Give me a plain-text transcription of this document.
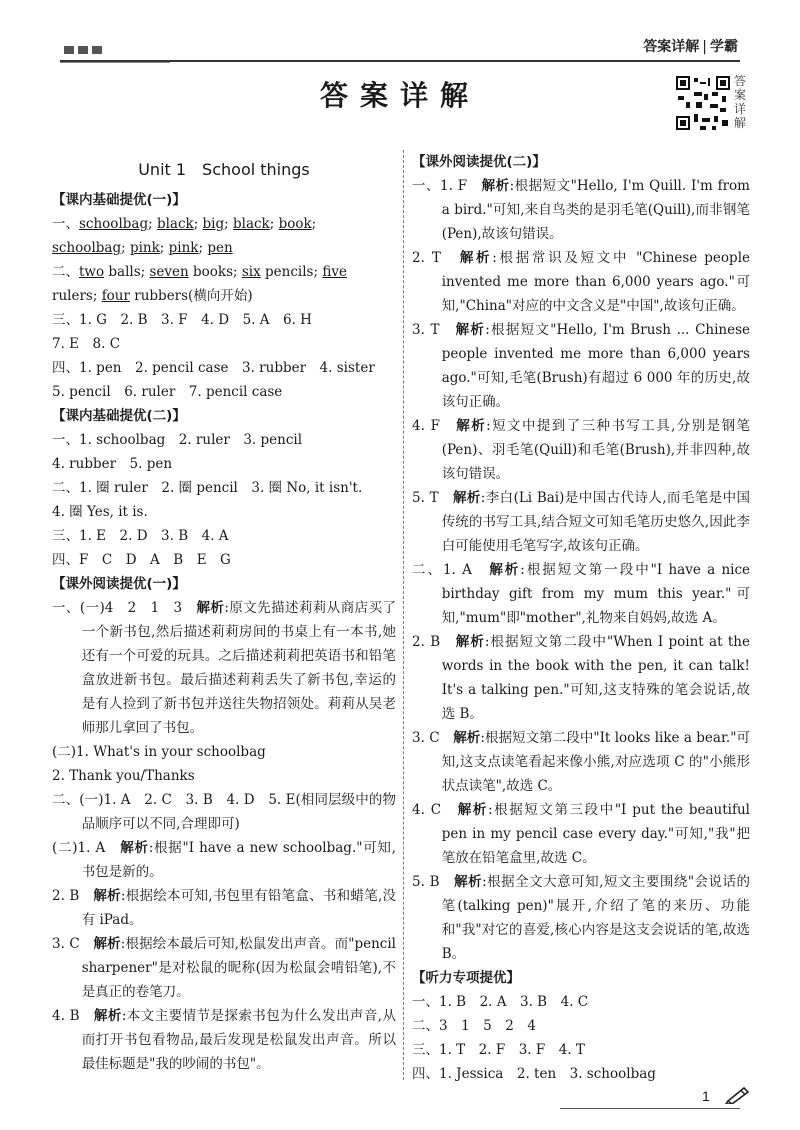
答案详解 | 学霸
答案详解	答案详解
Unit 1　School things
【课内基础提优(一)】
一、schoolbag; black; big; black; book;
schoolbag; pink; pink; pen
二、two balls; seven books; six pencils; five
rulers; four rubbers(横向开始)
三、1. G　2. B　3. F　4. D　5. A　6. H
7. E　8. C
四、1. pen　2. pencil case　3. rubber　4. sister
5. pencil　6. ruler　7. pencil case
【课内基础提优(二)】
一、1. schoolbag　2. ruler　3. pencil
4. rubber　5. pen
二、1. 圈 ruler　2. 圈 pencil　3. 圈 No, it isn't.
4. 圈 Yes, it is.
三、1. E　2. D　3. B　4. A
四、F　C　D　A　B　E　G
【课外阅读提优(一)】
一、(一)4　2　1　3　解析:原文先描述莉莉从商店买了一个新书包,然后描述莉莉房间的书桌上有一本书,她还有一个可爱的玩具。之后描述莉莉把英语书和铅笔盒放进新书包。最后描述莉莉丢失了新书包,幸运的是有人捡到了新书包并送往失物招领处。莉莉从吴老师那儿拿回了书包。
(二)1. What's in your schoolbag
2. Thank you/Thanks
二、(一)1. A　2. C　3. B　4. D　5. E(相同层级中的物品顺序可以不同,合理即可)
(二)1. A　解析:根据"I have a new schoolbag."可知,书包是新的。
2. B　解析:根据绘本可知,书包里有铅笔盒、书和蜡笔,没有 iPad。
3. C　解析:根据绘本最后可知,松鼠发出声音。而"pencil sharpener"是对松鼠的昵称(因为松鼠会啃铅笔),不是真正的卷笔刀。
4. B　解析:本文主要情节是探索书包为什么发出声音,从而打开书包看物品,最后发现是松鼠发出声音。所以最佳标题是"我的吵闹的书包"。
【课外阅读提优(二)】
一、1. F　解析:根据短文"Hello, I'm Quill. I'm from a bird."可知,来自鸟类的是羽毛笔(Quill),而非钢笔(Pen),故该句错误。
2. T　解析:根据常识及短文中 "Chinese people invented me more than 6,000 years ago."可知,"China"对应的中文含义是"中国",故该句正确。
3. T　解析:根据短文"Hello, I'm Brush ... Chinese people invented me more than 6,000 years ago."可知,毛笔(Brush)有超过 6 000 年的历史,故该句正确。
4. F　解析:短文中提到了三种书写工具,分别是钢笔(Pen)、羽毛笔(Quill)和毛笔(Brush),并非四种,故该句错误。
5. T　解析:李白(Li Bai)是中国古代诗人,而毛笔是中国传统的书写工具,结合短文可知毛笔历史悠久,因此李白可能使用毛笔写字,故该句正确。
二、1. A　解析:根据短文第一段中"I have a nice birthday gift from my mum this year."可知,"mum"即"mother",礼物来自妈妈,故选 A。
2. B　解析:根据短文第二段中"When I point at the words in the book with the pen, it can talk! It's a talking pen."可知,这支特殊的笔会说话,故选 B。
3. C　解析:根据短文第二段中"It looks like a bear."可知,这支点读笔看起来像小熊,对应选项 C 的"小熊形状点读笔",故选 C。
4. C　解析:根据短文第三段中"I put the beautiful pen in my pencil case every day."可知,"我"把笔放在铅笔盒里,故选 C。
5. B　解析:根据全文大意可知,短文主要围绕"会说话的笔(talking pen)"展开,介绍了笔的来历、功能和"我"对它的喜爱,核心内容是这支会说话的笔,故选 B。
【听力专项提优】
一、1. B　2. A　3. B　4. C
二、3　1　5　2　4
三、1. T　2. F　3. F　4. T
四、1. Jessica　2. ten　3. schoolbag
1
